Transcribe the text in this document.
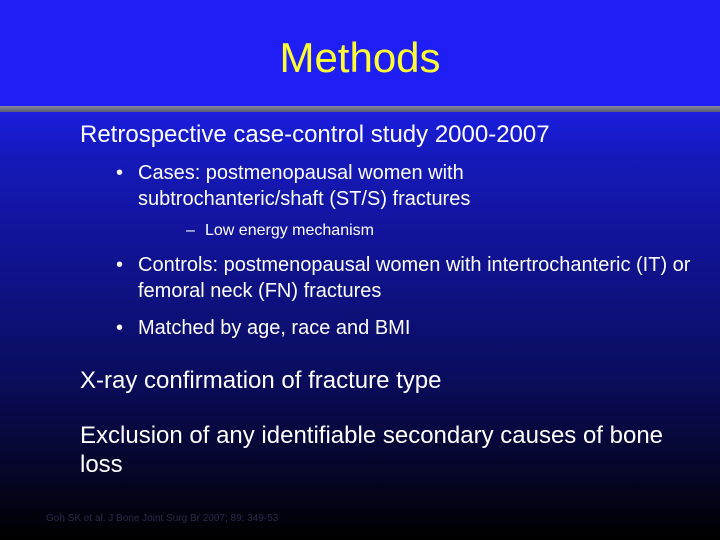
Methods
Retrospective case-control study 2000-2007
• Cases: postmenopausal women with subtrochanteric/shaft (ST/S) fractures
– Low energy mechanism
• Controls: postmenopausal women with intertrochanteric (IT) or femoral neck (FN) fractures
• Matched by age, race and BMI
X-ray confirmation of fracture type
Exclusion of any identifiable secondary causes of bone loss
Goh SK et al. J Bone Joint Surg Br 2007; 89: 349-53
